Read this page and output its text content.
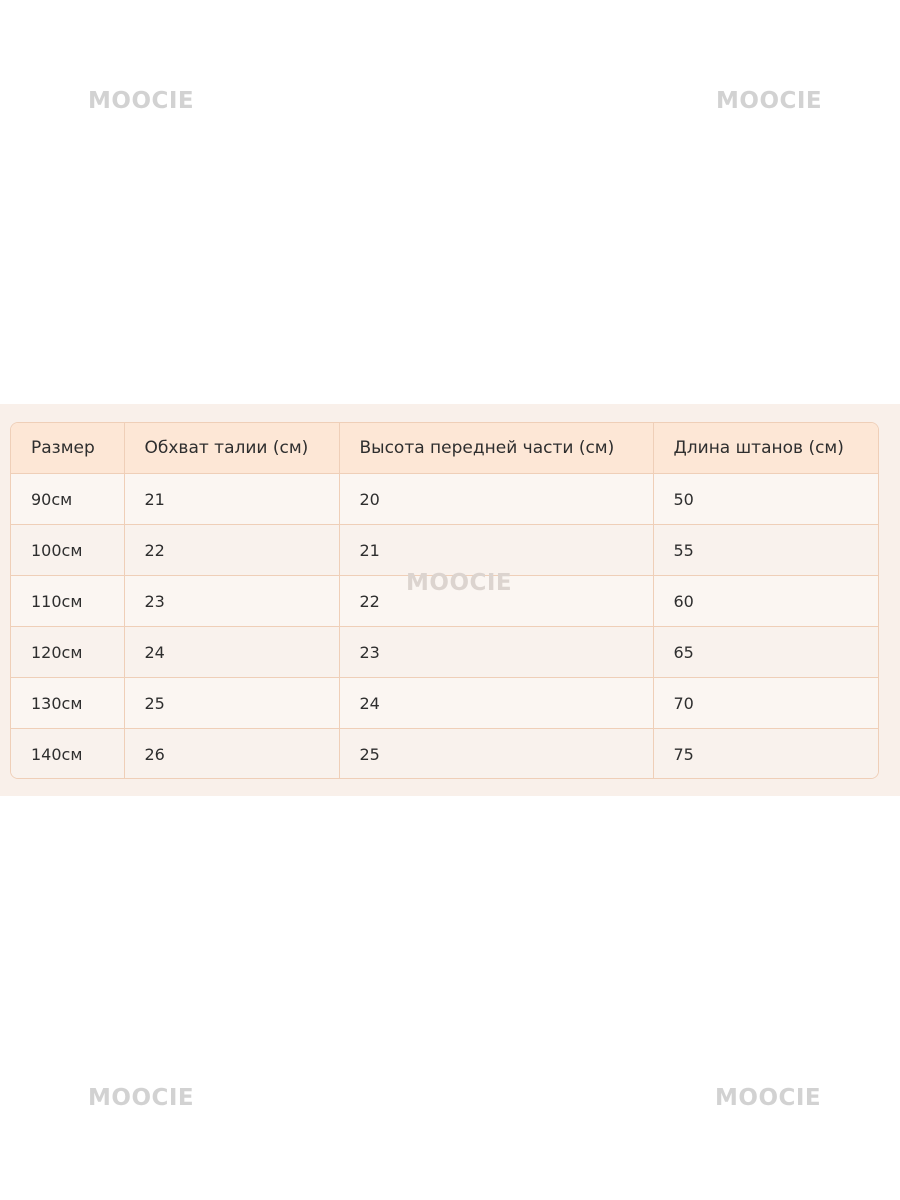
MOOCIE	MOOCIE
Размер	Обхват талии (см)	Высота передней части (см)	Длина штанов (см)
90см	21	20	50
100см	22	21	55
110см	23	22	60
120см	24	23	65
130см	25	24	70
140см	26	25	75
MOOCIE
MOOCIE	MOOCIE
